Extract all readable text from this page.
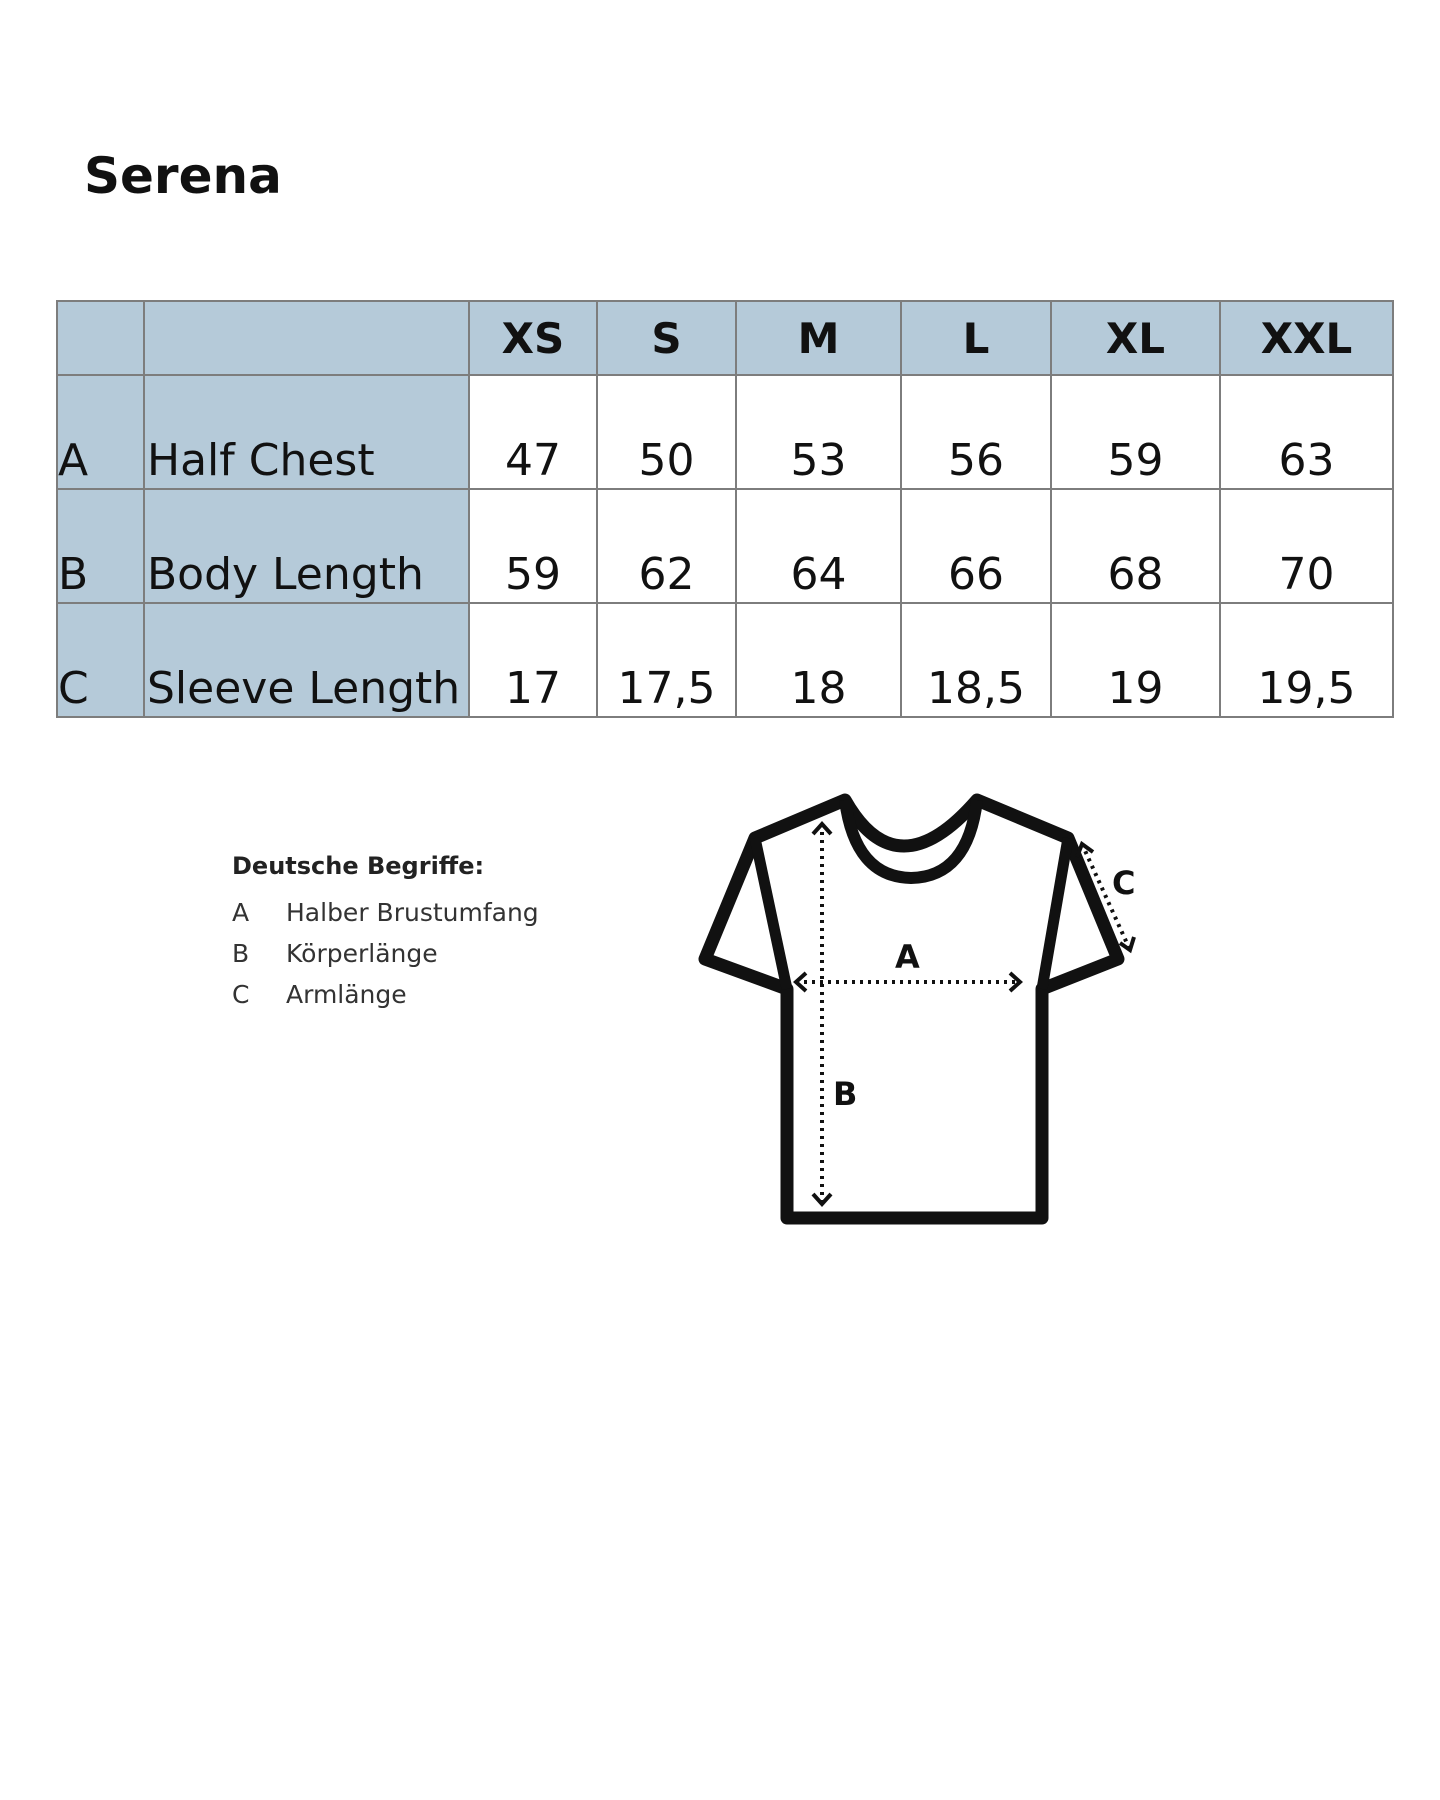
Serena
		XS	S	M	L	XL	XXL
A	Half Chest	47	50	53	56	59	63
B	Body Length	59	62	64	66	68	70
C	Sleeve Length	17	17,5	18	18,5	19	19,5

Deutsche Begriffe:

A	Halber Brustumfang
B	Körperlänge
C	Armlänge
A
B
C
